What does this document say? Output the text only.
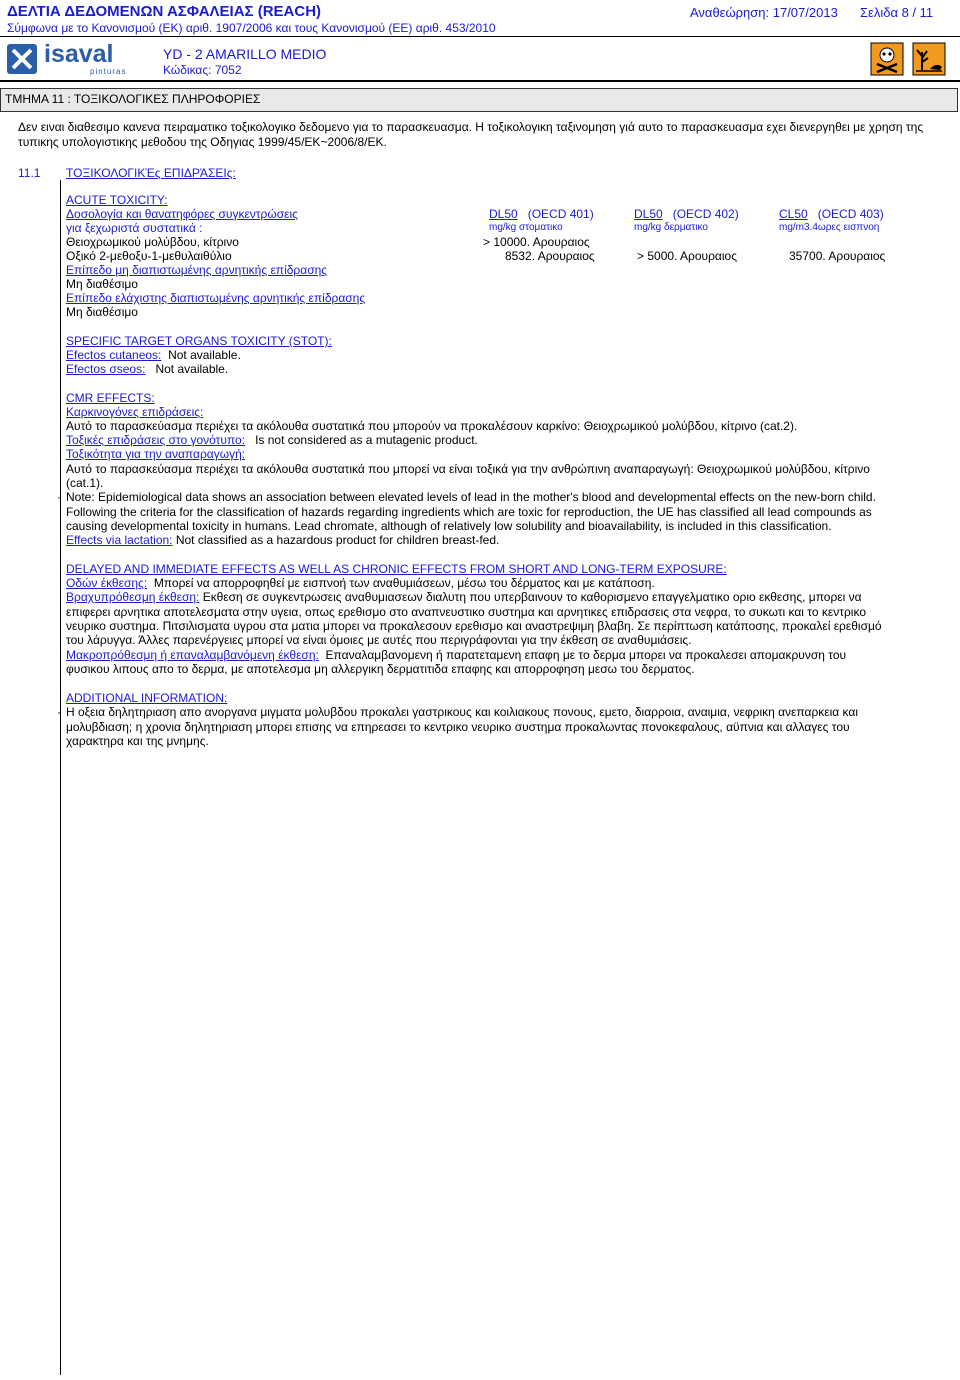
ΔΕΛΤΙΑ ΔΕΔΟΜΕΝΩΝ ΑΣΦΑΛΕΙΑΣ (REACH)
Σύμφωνα με το Κανονισμού (ΕΚ) αριθ. 1907/2006 και τους Κανονισμού (ΕΕ) αριθ. 453/2010
Αναθεώρηση: 17/07/2013 Σελιδα 8 / 11
isaval
pinturas
YD - 2 AMARILLO MEDIO
Κώδικας: 7052
ΤΜΗΜΑ 11 : ΤΟΞΙΚΟΛΟΓΙΚΕΣ ΠΛΗΡΟΦΟΡΙΕΣ
Δεν ειναι διαθεσιμο κανενα πειραματικο τοξικολογικο δεδομενο για το παρασκευασμα. Η τοξικολογικη ταξινομηση γιά αυτο το παρασκευασμα εχει διενεργηθει με χρηση της τυπικης υπολογιστικης μεθοδου της Οδηγιας 1999/45/ΕΚ~2006/8/ΕΚ.
11.1 ΤΟΞΙΚΟΛΟΓΙΚΈς ΕΠΙΔΡΆΣΕΙς:
ACUTE TOXICITY:
Δοσολογία και θανατηφόρες συγκεντρώσεις
για ξεχωριστά συστατικά :
DL50 (OECD 401)	DL50 (OECD 402)	CL50 (OECD 403)
mg/kg στοματικο	mg/kg δερματικο	mg/m3.4ωρες εισπνοη
Θειοχρωμικού μολύβδου, κίτρινο	> 10000. Αρουραιος
Οξικό 2-μεθοξυ-1-μεθυλαιθύλιο	8532. Αρουραιος	> 5000. Αρουραιος	35700. Αρουραιος
Επίπεδο μη διαπιστωμένης αρνητικής επίδρασης
Μη διαθέσιμο
Επίπεδο ελάχιστης διαπιστωμένης αρνητικής επίδρασης
Μη διαθέσιμο
SPECIFIC TARGET ORGANS TOXICITY (STOT):
Efectos cutaneos: Not available.
Efectos σseos: Not available.
CMR EFFECTS:
Καρκινογόνες επιδράσεις:
Αυτό το παρασκεύασμα περιέχει τα ακόλουθα συστατικά που μπορούν να προκαλέσουν καρκίνο: Θειοχρωμικού μολύβδου, κίτρινο (cat.2).
Τοξικές επιδράσεις στο γονότυπο: Is not considered as a mutagenic product.
Τοξικότητα για την αναπαραγωγή:
Αυτό το παρασκεύασμα περιέχει τα ακόλουθα συστατικά που μπορεί να είναι τοξικά για την ανθρώπινη αναπαραγωγή: Θειοχρωμικού μολύβδου, κίτρινο
(cat.1).
· Note: Epidemiological data shows an association between elevated levels of lead in the mother's blood and developmental effects on the new-born child.
Following the criteria for the classification of hazards regarding ingredients which are toxic for reproduction, the UE has classified all lead compounds as
causing developmental toxicity in humans. Lead chromate, although of relatively low solubility and bioavailability, is included in this classification.
Effects via lactation: Not classified as a hazardous product for children breast-fed.
DELAYED AND IMMEDIATE EFFECTS AS WELL AS CHRONIC EFFECTS FROM SHORT AND LONG-TERM EXPOSURE:
Οδών έκθεσης: Μπορεί να απορροφηθεί με εισπνοή των αναθυμιάσεων, μέσω του δέρματος και με κατάποση.
Βραχυπρόθεσμη έκθεση: Εκθεση σε συγκεντρωσεις αναθυμιασεων διαλυτη που υπερβαινουν το καθορισμενο επαγγελματικο οριο εκθεσης, μπορει να
επιφερει αρνητικα αποτελεσματα στην υγεια, οπως ερεθισμο στο αναπνευστικο συστημα και αρνητικες επιδρασεις στα νεφρα, το συκωτι και το κεντρικο
νευρικο συστημα. Πιτσιλισματα υγρου στα ματια μπορει να προκαλεσουν ερεθισμο και αναστρεψιμη βλαβη. Σε περίπτωση κατάποσης, προκαλεί ερεθισμό
του λάρυγγα. Άλλες παρενέργειες μπορεί να είναι όμοιες με αυτές που περιγράφονται για την έκθεση σε αναθυμιάσεις.
Μακροπρόθεσμη ή επαναλαμβανόμενη έκθεση: Επαναλαμβανομενη ή παρατεταμενη επαφη με το δερμα μπορει να προκαλεσει απομακρυνση του
φυσικου λιπους απο το δερμα, με αποτελεσμα μη αλλεργικη δερματιτιδα επαφης και απορροφηση μεσω του δερματος.
ADDITIONAL INFORMATION:
· Η οξεια δηλητηριαση απο ανοργανα μιγματα μολυβδου προκαλει γαστρικους και κοιλιακους πονους, εμετο, διαρροια, αναιμια, νεφρικη ανεπαρκεια και
μολυβδιαση; η χρονια δηλητηριαση μπορει επισης να επηρεασει το κεντρικο νευρικο συστημα προκαλωντας πονοκεφαλους, αϋπνια και αλλαγες του
χαρακτηρα και της μνημης.
